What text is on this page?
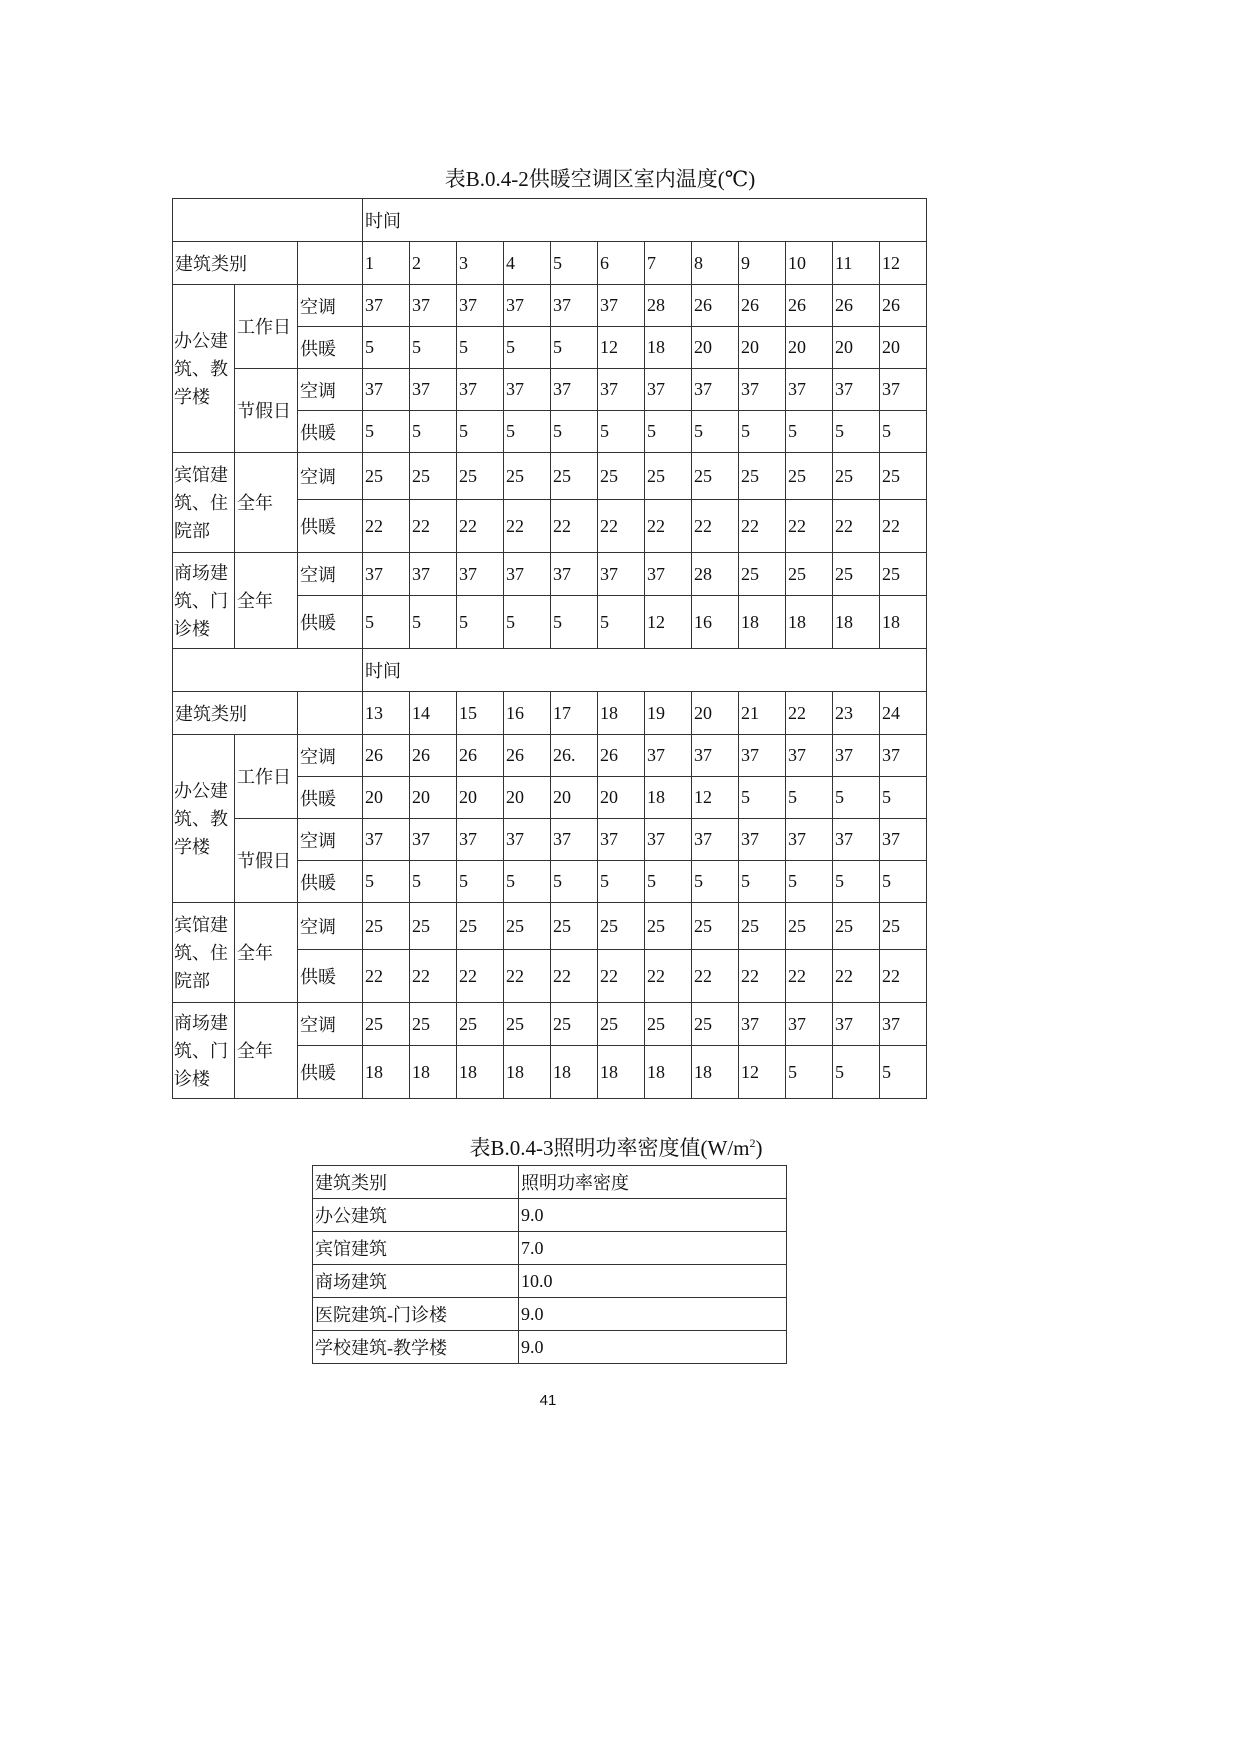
表B.0.4-2供暖空调区室内温度(℃)
			时间											
建筑类别			1	2	3	4	5	6	7	8	9	10	11	12
办公建筑、教学楼	工作日	空调	37	37	37	37	37	37	28	26	26	26	26	26
		供暖	5	5	5	5	5	12	18	20	20	20	20	20
	节假日	空调	37	37	37	37	37	37	37	37	37	37	37	37
		供暖	5	5	5	5	5	5	5	5	5	5	5	5
宾馆建筑、住院部	全年	空调	25	25	25	25	25	25	25	25	25	25	25	25
		供暖	22	22	22	22	22	22	22	22	22	22	22	22
商场建筑、门诊楼	全年	空调	37	37	37	37	37	37	37	28	25	25	25	25
		供暖	5	5	5	5	5	5	12	16	18	18	18	18
			时间											
建筑类别			13	14	15	16	17	18	19	20	21	22	23	24
办公建筑、教学楼	工作日	空调	26	26	26	26	26.	26	37	37	37	37	37	37
		供暖	20	20	20	20	20	20	18	12	5	5	5	5
	节假日	空调	37	37	37	37	37	37	37	37	37	37	37	37
		供暖	5	5	5	5	5	5	5	5	5	5	5	5
宾馆建筑、住院部	全年	空调	25	25	25	25	25	25	25	25	25	25	25	25
		供暖	22	22	22	22	22	22	22	22	22	22	22	22
商场建筑、门诊楼	全年	空调	25	25	25	25	25	25	25	25	37	37	37	37
		供暖	18	18	18	18	18	18	18	18	12	5	5	5
表B.0.4-3照明功率密度值$(W/m^2)$
建筑类别	照明功率密度
办公建筑	9.0
宾馆建筑	7.0
商场建筑	10.0
医院建筑-门诊楼	9.0
学校建筑-教学楼	9.0
41
